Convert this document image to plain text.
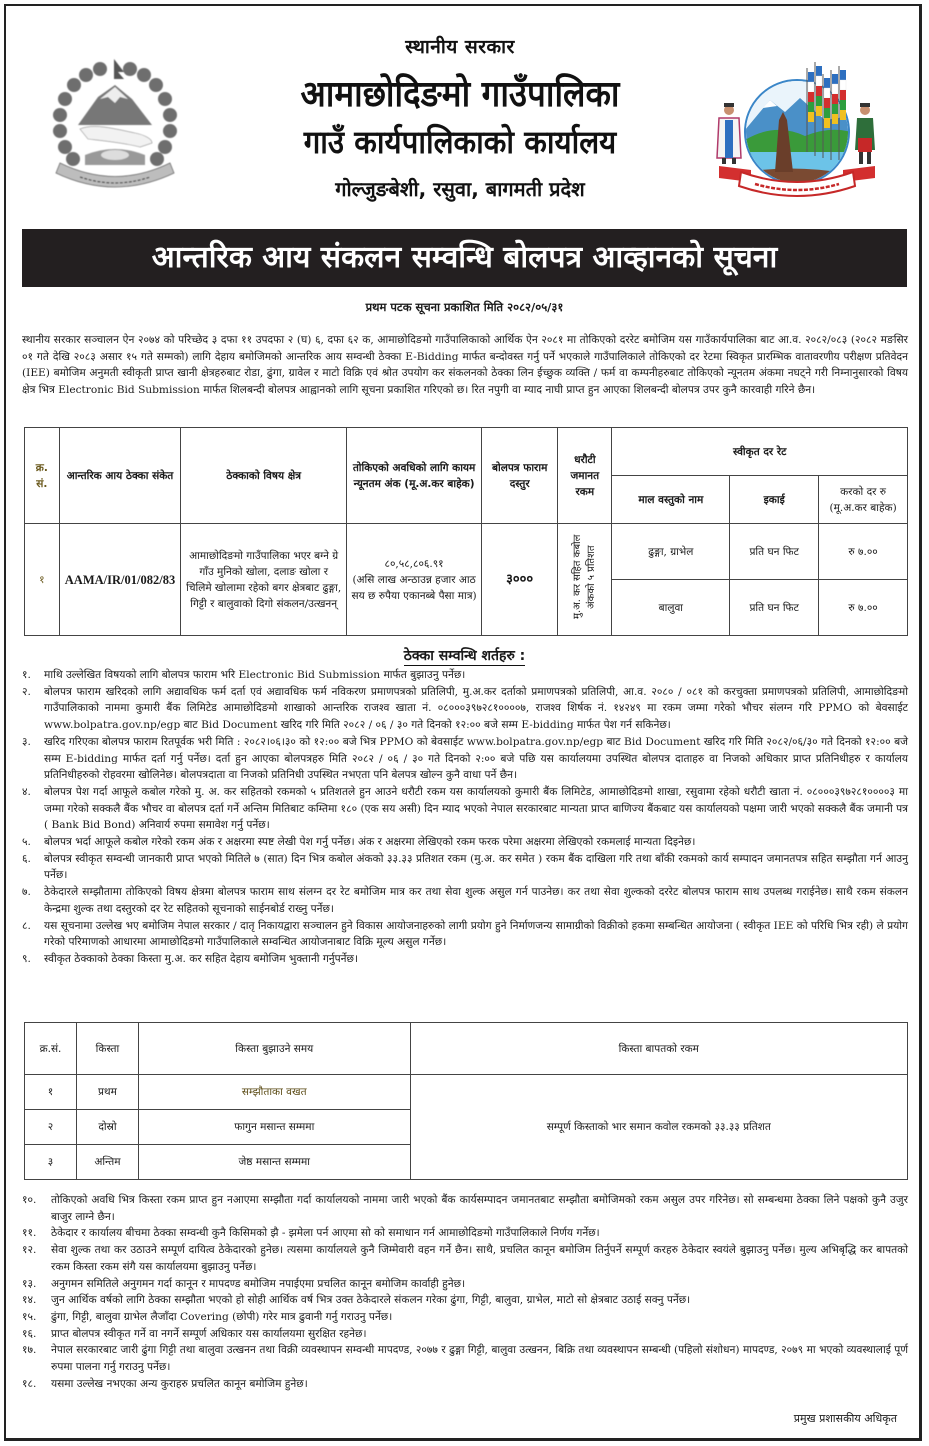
स्थानीय सरकार
आमाछोदिङमो गाउँपालिका
गाउँ कार्यपालिकाको कार्यालय
गोल्जुङबेशी, रसुवा, बागमती प्रदेश
आन्तरिक आय संकलन सम्वन्धि बोलपत्र आव्हानको सूचना
प्रथम पटक सूचना प्रकाशित मिति २०८२/०५/३१
स्थानीय सरकार सञ्चालन ऐन २०७४ को परिच्छेद ३ दफा ११ उपदफा २ (घ) ६, दफा ६२ क, आमाछोदिङमो गाउँपालिकाको आर्थिक ऐन २०८१ मा तोकिएको दररेट बमोजिम यस गाउँकार्यपालिका बाट आ.व. २०८२/०८३ (२०८२ मङसिर ०१ गते देखि २०८३ असार १५ गते सम्मको) लागि देहाय बमोजिमको आन्तरिक आय सम्वन्धी ठेक्का E-Bidding मार्फत बन्दोवस्त गर्नु पर्ने भएकाले गाउँपालिकाले तोकिएको दर रेटमा स्विकृत प्रारम्भिक वातावरणीय परीक्षण प्रतिवेदन (IEE) बमोजिम अनुमती स्वीकृती प्राप्त खानी क्षेत्रहरुबाट रोडा, ढुंगा, ग्रावेल र माटो विक्रि एवं श्रोत उपयोग कर संकलनको ठेक्का लिन ईच्छुक व्यक्ति / फर्म वा कम्पनीहरुबाट तोकिएको न्यूनतम अंकमा नघट्ने गरी निम्नानुसारको विषय क्षेत्र भित्र Electronic Bid Submission मार्फत शिलबन्दी बोलपत्र आह्वानको लागि सूचना प्रकाशित गरिएको छ। रित नपुगी वा म्याद नाघी प्राप्त हुन आएका शिलबन्दी बोलपत्र उपर कुनै कारवाही गरिने छैन।
क्र. सं.	आन्तरिक आय ठेक्का संकेत	ठेक्काको विषय क्षेत्र	तोकिएको अवधिको लागि कायम न्यूनतम अंक (मू.अ.कर बाहेक)	बोलपत्र फाराम दस्तुर	धरौटी जमानत रकम	स्वीकृत दर रेट		
						माल वस्तुको नाम	इकाई	करको दर रु (मू.अ.कर बाहेक)
१	AAMA/IR/01/082/83	आमाछोदिङमो गाउँपालिका भएर बग्ने ग्रे गाँउ मुनिको खोला, दलाङ खोला र चिलिमे खोलामा रहेको बगर क्षेत्रबाट ढुङ्गा, गिट्टी र बालुवाको दिगो संकलन/उत्खनन्	८०,५८,८०६.९१
(असि लाख अन्ठाउन्न हजार आठ सय छ रुपैया एकानब्बे पैसा मात्र)	३०००	मु.अ. कर सहित कबोल अंकको ५ प्रतिशत	ढुङ्गा, ग्राभेल	प्रति घन फिट	रु ७.००
						बालुवा	प्रति घन फिट	रु ७.००
ठेक्का सम्वन्धि शर्तहरु :
१.	माथि उल्लेखित विषयको लागि बोलपत्र फाराम भरि Electronic Bid Submission मार्फत बुझाउनु पर्नेछ।
२.	बोलपत्र फाराम खरिदको लागि अद्यावधिक फर्म दर्ता एवं अद्यावधिक फर्म नविकरण प्रमाणपत्रको प्रतिलिपी, मु.अ.कर दर्ताको प्रमाणपत्रको प्रतिलिपी, आ.व. २०८० / ०८१ को करचुक्ता प्रमाणपत्रको प्रतिलिपी, आमाछोदिङमो गाउँपालिकाको नाममा कुमारी बैंक लिमिटेड आमाछोदिङमो शाखाको आन्तरिक राजश्व खाता नं. ०८०००३९७२८१००००७, राजश्व शिर्षक नं. १४२४९ मा रकम जम्मा गरेको भौचर संलग्न गरि PPMO को बेवसाईट www.bolpatra.gov.np/egp बाट Bid Document खरिद गरि मिति २०८२ / ०६ / ३० गते दिनको १२:०० बजे सम्म E-bidding मार्फत पेश गर्न सकिनेछ।
३.	खरिद गरिएका बोलपत्र फाराम रितपूर्वक भरी मिति : २०८२।०६।३० को १२:०० बजे भित्र PPMO को बेवसाईट www.bolpatra.gov.np/egp बाट Bid Document खरिद गरि मिति २०८२/०६/३० गते दिनको १२:०० बजे सम्म E-bidding मार्फत दर्ता गर्नु पर्नेछ। दर्ता हुन आएका बोलपत्रहरु मिति २०८२ / ०६ / ३० गते दिनको २:०० बजे पछि यस कार्यालयमा उपस्थित बोलपत्र दाताहरु वा निजको अधिकार प्राप्त प्रतिनिधीहरु र कार्यालय प्रतिनिधीहरुको रोहवरमा खोलिनेछ। बोलपत्रदाता वा निजको प्रतिनिधी उपस्थित नभएता पनि बेलपत्र खोल्न कुनै वाधा पर्ने छैन।
४.	बोलपत्र पेश गर्दा आफूले कबोल गरेको मु. अ. कर सहितको रकमको ५ प्रतिशतले हुन आउने धरौटी रकम यस कार्यालयको कुमारी बैंक लिमिटेड, आमाछोदिङमो शाखा, रसुवामा रहेको धरौटी खाता नं. ०८०००३९७२८१००००३ मा जम्मा गरेको सक्कलै बैंक भौचर वा बोलपत्र दर्ता गर्ने अन्तिम मितिबाट कम्तिमा १८० (एक सय असी) दिन म्याद भएको नेपाल सरकारबाट मान्यता प्राप्त बाणिज्य बैंकबाट यस कार्यालयको पक्षमा जारी भएको सक्कलै बैंक जमानी पत्र ( Bank Bid Bond) अनिवार्य रुपमा समावेश गर्नु पर्नेछ।
५.	बोलपत्र भर्दा आफूले कबोल गरेको रकम अंक र अक्षरमा स्पष्ट लेखी पेश गर्नु पर्नेछ। अंक र अक्षरमा लेखिएको रकम फरक परेमा अक्षरमा लेखिएको रकमलाई मान्यता दिइनेछ।
६.	बोलपत्र स्वीकृत सम्वन्धी जानकारी प्राप्त भएको मितिले ७ (सात) दिन भित्र कबोल अंकको ३३.३३ प्रतिशत रकम (मु.अ. कर समेत ) रकम बैंक दाखिला गरि तथा बाँकी रकमको कार्य सम्पादन जमानतपत्र सहित सम्झौता गर्न आउनु पर्नेछ।
७.	ठेकेदारले सम्झौतामा तोकिएको विषय क्षेत्रमा बोलपत्र फाराम साथ संलग्न दर रेट बमोजिम मात्र कर तथा सेवा शुल्क असुल गर्न पाउनेछ। कर तथा सेवा शुल्कको दररेट बोलपत्र फाराम साथ उपलब्ध गराईनेछ। साथै रकम संकलन केन्द्रमा शुल्क तथा दस्तुरको दर रेट सहितको सूचनाको साईनबोर्ड राख्नु पर्नेछ।
८.	यस सूचनामा उल्लेख भए बमोजिम नेपाल सरकार / दातृ निकायद्वारा सञ्चालन हुने विकास आयोजनाहरुको लागी प्रयोग हुने निर्माणजन्य सामाग्रीको विक्रीको हकमा सम्बन्धित आयोजना ( स्वीकृत IEE को परिधि भित्र रही) ले प्रयोग गरेको परिमाणको आधारमा आमाछोदिङमो गाउँपालिकाले सम्वन्धित आयोजनाबाट विक्रि मूल्य असुल गर्नेछ।
९.	स्वीकृत ठेक्काको ठेक्का किस्ता मु.अ. कर सहित देहाय बमोजिम भुक्तानी गर्नुपर्नेछ।
क्र.सं.	किस्ता	किस्ता बुझाउने समय	किस्ता बापतको रकम
१	प्रथम	सम्झौताका वखत	सम्पूर्ण किस्ताको भार समान कवोल रकमको ३३.३३ प्रतिशत
२	दोस्रो	फागुन मसान्त सम्ममा	
३	अन्तिम	जेष्ठ मसान्त सम्ममा	
१०.	तोकिएको अवधि भित्र किस्ता रकम प्राप्त हुन नआएमा सम्झौता गर्दा कार्यालयको नाममा जारी भएको बैंक कार्यसम्पादन जमानतबाट सम्झौता बमोजिमको रकम असुल उपर गरिनेछ। सो सम्बन्धमा ठेक्का लिने पक्षको कुनै उजुर बाजुर लाग्ने छैन।
११.	ठेकेदार र कार्यालय बीचमा ठेक्का सम्वन्धी कुनै किसिमको झै - झमेला पर्न आएमा सो को समाधान गर्न आमाछोदिङमो गाउँपालिकाले निर्णय गर्नेछ।
१२.	सेवा शुल्क तथा कर उठाउने सम्पूर्ण दायित्व ठेकेदारको हुनेछ। त्यसमा कार्यालयले कुनै जिम्मेवारी वहन गर्ने छैन। साथै, प्रचलित कानून बमोजिम तिर्नुपर्ने सम्पूर्ण करहरु ठेकेदार स्वयंले बुझाउनु पर्नेछ। मुल्य अभिबृद्धि कर बापतको रकम किस्ता रकम संगै यस कार्यालयमा बुझाउनु पर्नेछ।
१३.	अनुगमन समितिले अनुगमन गर्दा कानून र मापदण्ड बमोजिम नपाईएमा प्रचलित कानून बमोजिम कार्वाही हुनेछ।
१४.	जुन आर्थिक वर्षको लागि ठेक्का सम्झौता भएको हो सोही आर्थिक वर्ष भित्र उक्त ठेकेदारले संकलन गरेका ढुंगा, गिट्टी, बालुवा, ग्राभेल, माटो सो क्षेत्रबाट उठाई सक्नु पर्नेछ।
१५.	ढुंगा, गिट्टी, बालुवा ग्राभेल लैजाँदा Covering (छोपी) गरेर मात्र ढुवानी गर्नु गराउनु पर्नेछ।
१६.	प्राप्त बोलपत्र स्वीकृत गर्ने वा नगर्ने सम्पूर्ण अधिकार यस कार्यालयमा सुरक्षित रहनेछ।
१७.	नेपाल सरकारबाट जारी ढुंगा गिट्टी तथा बालुवा उत्खनन तथा विक्री व्यवस्थापन सम्वन्धी मापदण्ड, २०७७ र ढुङ्गा गिट्टी, बालुवा उत्खनन, बिक्रि तथा व्यवस्थापन सम्बन्धी (पहिलो संशोधन) मापदण्ड, २०७९ मा भएको व्यवस्थालाई पूर्ण रुपमा पालना गर्नु गराउनु पर्नेछ।
१८.	यसमा उल्लेख नभएका अन्य कुराहरु प्रचलित कानून बमोजिम हुनेछ।
प्रमुख प्रशासकीय अधिकृत
